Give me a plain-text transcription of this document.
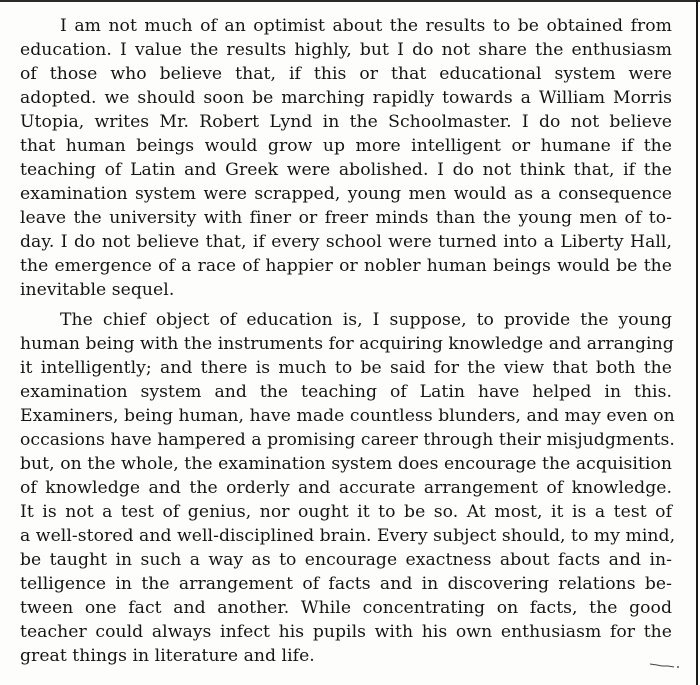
I am not much of an optimist about the results to be obtained from
education. I value the results highly, but I do not share the enthusiasm
of those who believe that, if this or that educational system were
adopted. we should soon be marching rapidly towards a William Morris
Utopia, writes Mr. Robert Lynd in the Schoolmaster. I do not believe
that human beings would grow up more intelligent or humane if the
teaching of Latin and Greek were abolished. I do not think that, if the
examination system were scrapped, young men would as a consequence
leave the university with finer or freer minds than the young men of to-
day. I do not believe that, if every school were turned into a Liberty Hall,
the emergence of a race of happier or nobler human beings would be the
inevitable sequel.
The chief object of education is, I suppose, to provide the young
human being with the instruments for acquiring knowledge and arranging
it intelligently; and there is much to be said for the view that both the
examination system and the teaching of Latin have helped in this.
Examiners, being human, have made countless blunders, and may even on
occasions have hampered a promising career through their misjudgments.
but, on the whole, the examination system does encourage the acquisition
of knowledge and the orderly and accurate arrangement of knowledge.
It is not a test of genius, nor ought it to be so. At most, it is a test of
a well-stored and well-disciplined brain. Every subject should, to my mind,
be taught in such a way as to encourage exactness about facts and in-
telligence in the arrangement of facts and in discovering relations be-
tween one fact and another. While concentrating on facts, the good
teacher could always infect his pupils with his own enthusiasm for the
great things in literature and life.
